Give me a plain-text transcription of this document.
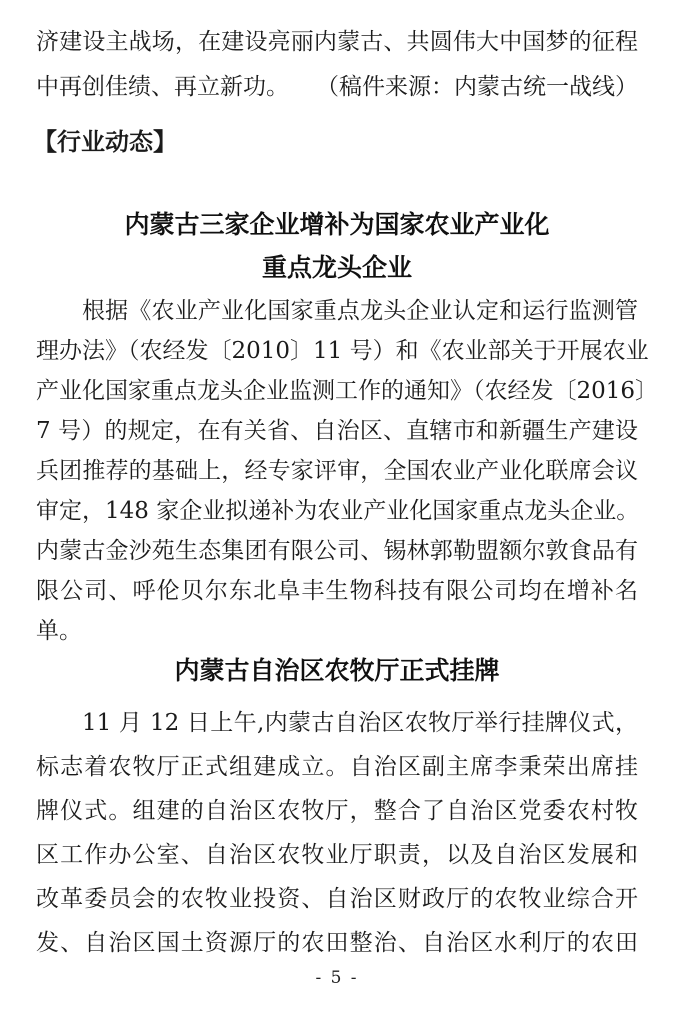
济建设主战场，在建设亮丽内蒙古、共圆伟大中国梦的征程
中再创佳绩、再立新功。 （稿件来源：内蒙古统一战线）
【行业动态】
内蒙古三家企业增补为国家农业产业化
重点龙头企业
根据《农业产业化国家重点龙头企业认定和运行监测管
理办法》（农经发〔2010〕11 号）和《农业部关于开展农业
产业化国家重点龙头企业监测工作的通知》（农经发〔2016〕
7 号）的规定，在有关省、自治区、直辖市和新疆生产建设
兵团推荐的基础上，经专家评审，全国农业产业化联席会议
审定，148 家企业拟递补为农业产业化国家重点龙头企业。
内蒙古金沙苑生态集团有限公司、锡林郭勒盟额尔敦食品有
限公司、呼伦贝尔东北阜丰生物科技有限公司均在增补名
单。
内蒙古自治区农牧厅正式挂牌
11 月 12 日上午,内蒙古自治区农牧厅举行挂牌仪式，
标志着农牧厅正式组建成立。自治区副主席李秉荣出席挂
牌仪式。组建的自治区农牧厅，整合了自治区党委农村牧
区工作办公室、自治区农牧业厅职责，以及自治区发展和
改革委员会的农牧业投资、自治区财政厅的农牧业综合开
发、自治区国土资源厅的农田整治、自治区水利厅的农田
- 5 -
